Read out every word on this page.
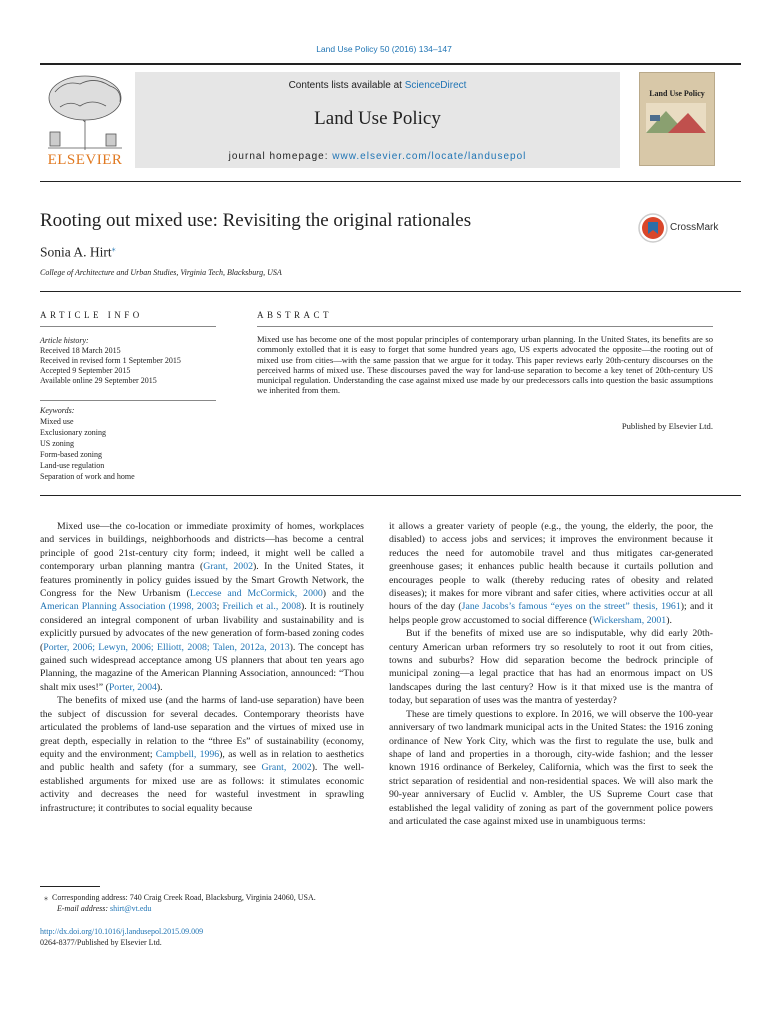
Land Use Policy 50 (2016) 134–147
ELSEVIER
Contents lists available at ScienceDirect
Land Use Policy
journal homepage: www.elsevier.com/locate/landusepol
Land Use Policy
Rooting out mixed use: Revisiting the original rationales	CrossMark
Sonia A. Hirt⁎
College of Architecture and Urban Studies, Virginia Tech, Blacksburg, USA
ARTICLE INFO	ABSTRACT
Article history:
Received 18 March 2015
Received in revised form 1 September 2015
Accepted 9 September 2015
Available online 29 September 2015
Keywords:
Mixed use
Exclusionary zoning
US zoning
Form-based zoning
Land-use regulation
Separation of work and home
Mixed use has become one of the most popular principles of contemporary urban planning. In the United States, its benefits are so commonly extolled that it is easy to forget that some hundred years ago, US experts advocated the opposite—the rooting out of mixed use from cities—with the same passion that we argue for it today. This paper reviews early 20th-century discourses on the perceived harms of mixed use. These discourses paved the way for land-use separation to become a key tenet of 20th-century US municipal regulation. Understanding the case against mixed use made by our predecessors calls into question the basic assumptions we inherited from them.
Published by Elsevier Ltd.

Mixed use—the co-location or immediate proximity of homes, workplaces and services in buildings, neighborhoods and districts—has become a central principle of good 21st-century city form; indeed, it might well be called a contemporary urban planning mantra (Grant, 2002). In the United States, it features prominently in policy guides issued by the Smart Growth Network, the Congress for the New Urbanism (Leccese and McCormick, 2000) and the American Planning Association (1998, 2003; Freilich et al., 2008). It is routinely considered an integral component of urban livability and sustainability and is explicitly pursued by advocates of the new generation of form-based zoning codes (Porter, 2006; Lewyn, 2006; Elliott, 2008; Talen, 2012a, 2013). The concept has gained such widespread acceptance among US planners that about ten years ago Planning, the magazine of the American Planning Association, announced: “Thou shalt mix uses!” (Porter, 2004).

The benefits of mixed use (and the harms of land-use separation) have been the subject of discussion for several decades. Contemporary theorists have articulated the problems of land-use separation and the virtues of mixed use in great depth, especially in relation to the “three Es” of sustainability (economy, equity and the environment; Campbell, 1996), as well as in relation to aesthetics and public health and safety (for a summary, see Grant, 2002). The well-established arguments for mixed use are as follows: it stimulates economic activity and decreases the need for wasteful investment in sprawling infrastructure; it contributes to social equality because

it allows a greater variety of people (e.g., the young, the elderly, the poor, the disabled) to access jobs and services; it improves the environment because it reduces the need for automobile travel and thus mitigates car-generated greenhouse gases; it enhances public health because it curtails pollution and encourages people to walk (thereby reducing rates of obesity and related diseases); it makes for more vibrant and safer cities, where activities occur at all hours of the day (Jane Jacobs’s famous “eyes on the street” thesis, 1961); and it helps people grow accustomed to social difference (Wickersham, 2001).

But if the benefits of mixed use are so indisputable, why did early 20th-century American urban reformers try so resolutely to root it out from cities, towns and suburbs? How did separation become the bedrock principle of municipal zoning—a legal practice that has had an enormous impact on US landscapes during the last century? How is it that mixed use is the mantra of today, but separation of uses was the mantra of yesterday?

These are timely questions to explore. In 2016, we will observe the 100-year anniversary of two landmark municipal acts in the United States: the 1916 zoning ordinance of New York City, which was the first to regulate the use, bulk and shape of land and properties in a thorough, city-wide fashion; and the lesser known 1916 ordinance of Berkeley, California, which was the first to seek the strict separation of residential and non-residential spaces. We will also mark the 90-year anniversary of Euclid v. Ambler, the US Supreme Court case that established the legal validity of zoning as part of the government police powers and articulated the case against mixed use in unambiguous terms:

⁎ Corresponding address: 740 Craig Creek Road, Blacksburg, Virginia 24060, USA.
E-mail address: shirt@vt.edu
http://dx.doi.org/10.1016/j.landusepol.2015.09.009
0264-8377/Published by Elsevier Ltd.
